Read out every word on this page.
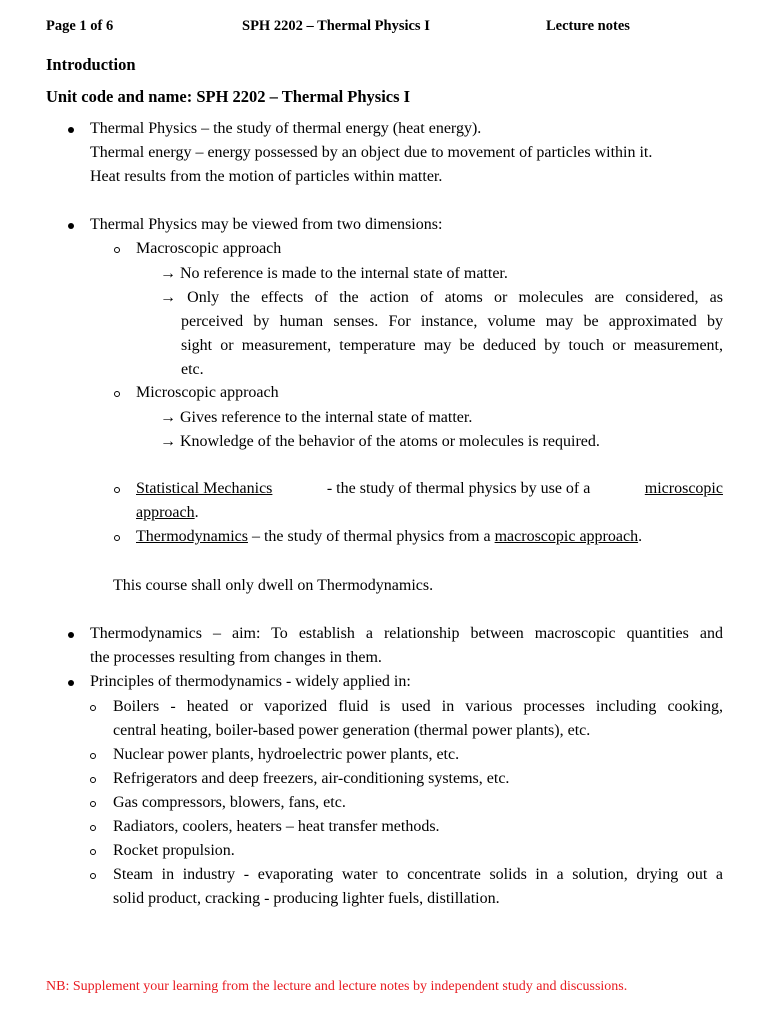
Page 1 of 6	SPH 2202 – Thermal Physics I	Lecture notes
Introduction
Unit code and name: SPH 2202 – Thermal Physics I
Thermal Physics – the study of thermal energy (heat energy).
Thermal energy – energy possessed by an object due to movement of particles within it.
Heat results from the motion of particles within matter.
Thermal Physics may be viewed from two dimensions:
Macroscopic approach
→ No reference is made to the internal state of matter.
→ Only the effects of the action of atoms or molecules are considered, as
perceived by human senses. For instance, volume may be approximated by
sight or measurement, temperature may be deduced by touch or measurement,
etc.
Microscopic approach
→ Gives reference to the internal state of matter.
→ Knowledge of the behavior of the atoms or molecules is required.
Statistical Mechanics	- the study of thermal physics by use of a	microscopic
approach.
Thermodynamics – the study of thermal physics from a macroscopic approach.
This course shall only dwell on Thermodynamics.
Thermodynamics – aim: To establish a relationship between macroscopic quantities and
the processes resulting from changes in them.
Principles of thermodynamics - widely applied in:
Boilers - heated or vaporized fluid is used in various processes including cooking,
central heating, boiler-based power generation (thermal power plants), etc.
Nuclear power plants, hydroelectric power plants, etc.
Refrigerators and deep freezers, air-conditioning systems, etc.
Gas compressors, blowers, fans, etc.
Radiators, coolers, heaters – heat transfer methods.
Rocket propulsion.
Steam in industry - evaporating water to concentrate solids in a solution, drying out a
solid product, cracking - producing lighter fuels, distillation.
NB: Supplement your learning from the lecture and lecture notes by independent study and discussions.
